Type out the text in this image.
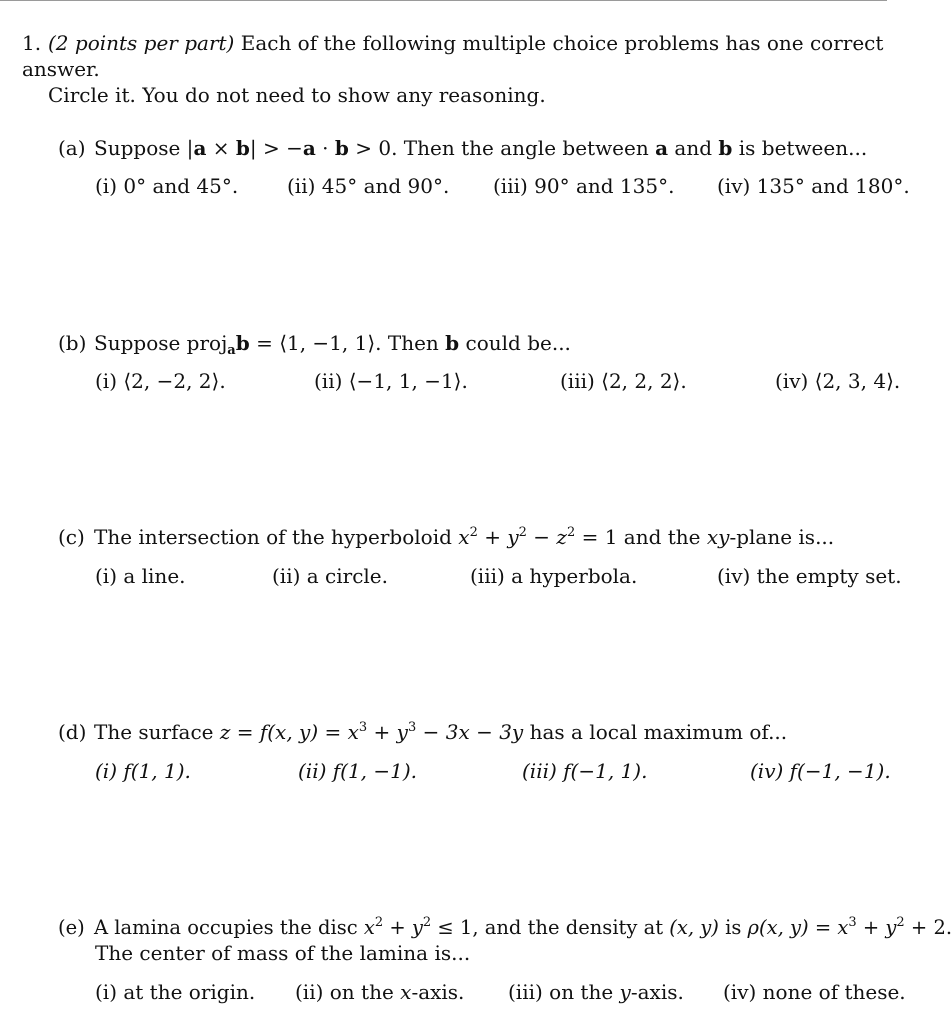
1. (2 points per part) Each of the following multiple choice problems has one correct answer.
Circle it. You do not need to show any reasoning.
(a) Suppose |a × b| > −a · b > 0. Then the angle between a and b is between...
(i) 0° and 45°. (ii) 45° and 90°. (iii) 90° and 135°. (iv) 135° and 180°.
(b) Suppose proj$_a$b = ⟨1, −1, 1⟩. Then b could be...
(i) ⟨2, −2, 2⟩.	(ii) ⟨−1, 1, −1⟩.	(iii) ⟨2, 2, 2⟩.	(iv) ⟨2, 3, 4⟩.
(c) The intersection of the hyperboloid $x^2 + y^2 - z^2 = 1$ and the xy-plane is...
(i) a line.	(ii) a circle.	(iii) a hyperbola.	(iv) the empty set.
(d) The surface z = f(x, $y) = x^3 + y^3 - 3x - 3y$ has a local maximum of...
(i) f(1, 1).	(ii) f(1, −1).	(iii) f(−1, 1).	(iv) f(−1, −1).
(e) A lamina occupies the disc $x^2 + y^2 \le 1$, and the density at (x, y) is ρ(x, $y) = x^3 + y^2 + 2$.
The center of mass of the lamina is...
(i) at the origin. (ii) on the x-axis. (iii) on the y-axis. (iv) none of these.
